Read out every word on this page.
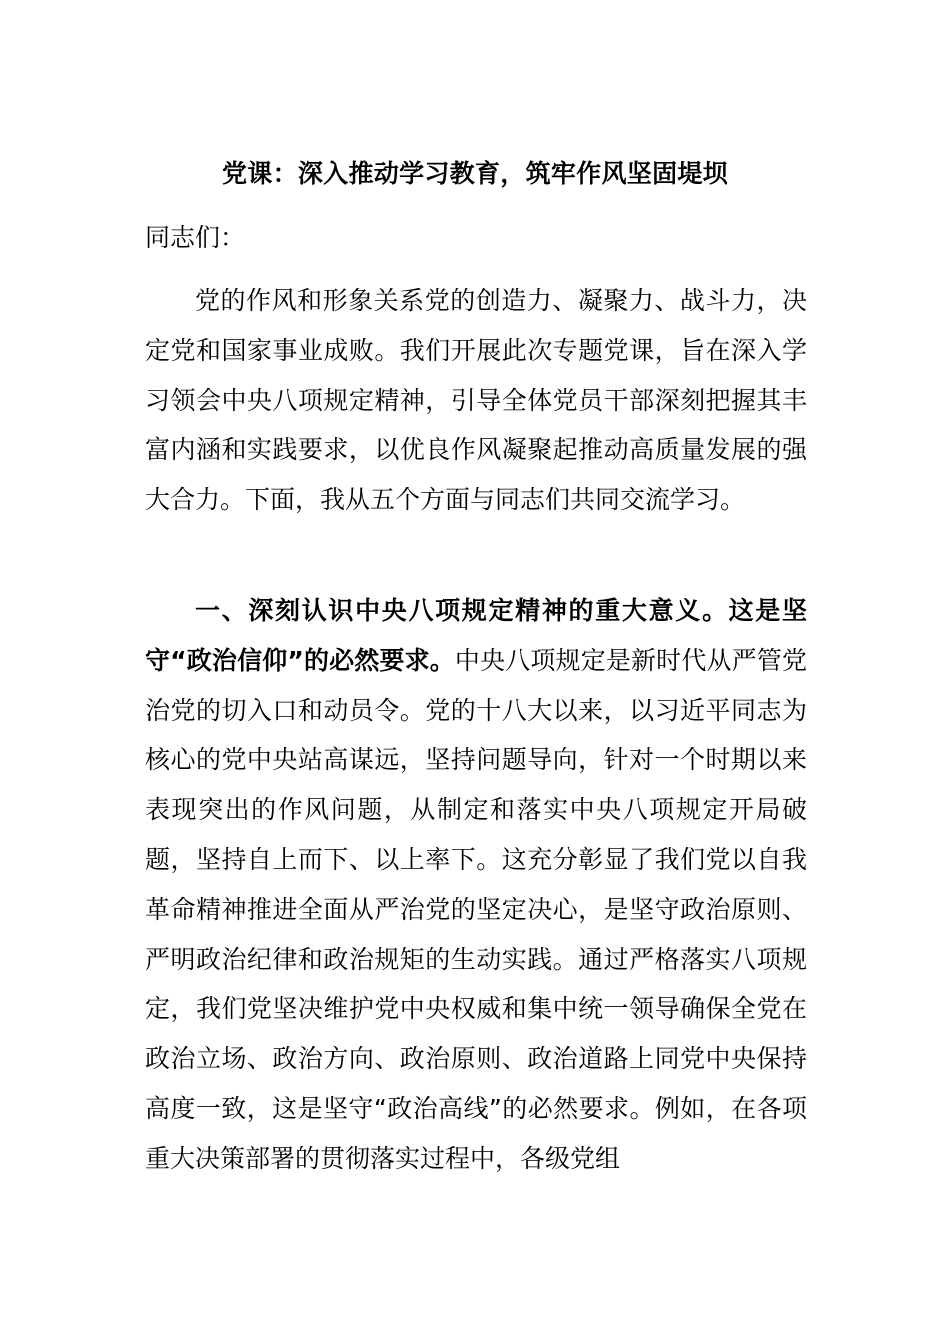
党课：深入推动学习教育，筑牢作风坚固堤坝
同志们：

党的作风和形象关系党的创造力、凝聚力、战斗力，决定党和国家事业成败。我们开展此次专题党课，旨在深入学习领会中央八项规定精神，引导全体党员干部深刻把握其丰富内涵和实践要求，以优良作风凝聚起推动高质量发展的强大合力。下面，我从五个方面与同志们共同交流学习。

一、深刻认识中央八项规定精神的重大意义。这是坚守“政治信仰”的必然要求。中央八项规定是新时代从严管党治党的切入口和动员令。党的十八大以来，以习近平同志为核心的党中央站高谋远，坚持问题导向，针对一个时期以来表现突出的作风问题，从制定和落实中央八项规定开局破题，坚持自上而下、以上率下。这充分彰显了我们党以自我革命精神推进全面从严治党的坚定决心，是坚守政治原则、严明政治纪律和政治规矩的生动实践。通过严格落实八项规定，我们党坚决维护党中央权威和集中统一领导确保全党在政治立场、政治方向、政治原则、政治道路上同党中央保持高度一致，这是坚守“政治高线”的必然要求。例如，在各项重大决策部署的贯彻落实过程中，各级党组
